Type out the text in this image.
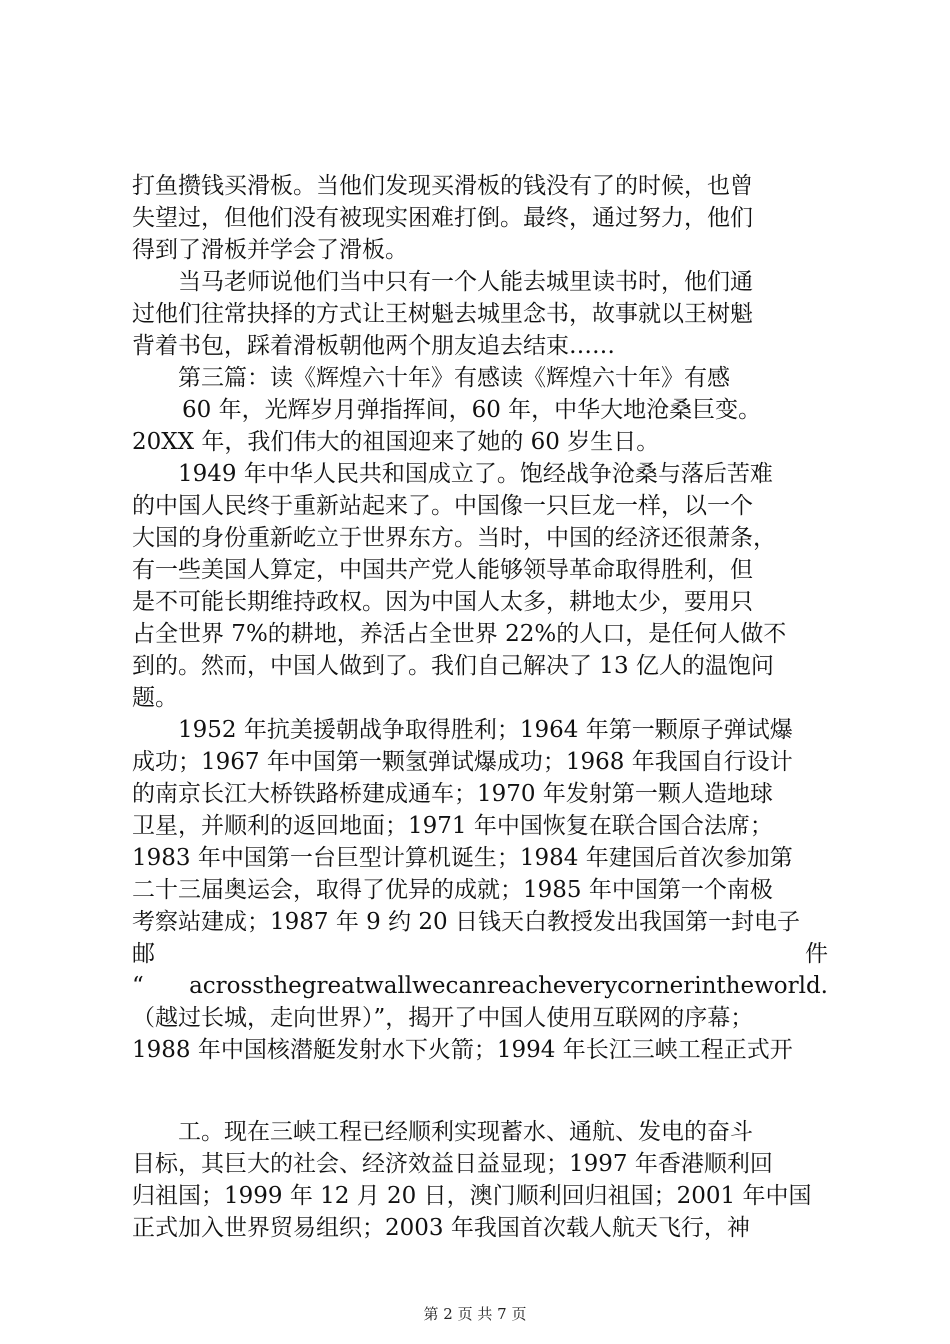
打鱼攒钱买滑板。当他们发现买滑板的钱没有了的时候，也曾
失望过，但他们没有被现实困难打倒。最终，通过努力，他们
得到了滑板并学会了滑板。
当马老师说他们当中只有一个人能去城里读书时，他们通
过他们往常抉择的方式让王树魁去城里念书，故事就以王树魁
背着书包，踩着滑板朝他两个朋友追去结束……
第三篇：读《辉煌六十年》有感读《辉煌六十年》有感
60 年，光辉岁月弹指挥间，60 年，中华大地沧桑巨变。
20XX 年，我们伟大的祖国迎来了她的 60 岁生日。
1949 年中华人民共和国成立了。饱经战争沧桑与落后苦难
的中国人民终于重新站起来了。中国像一只巨龙一样，以一个
大国的身份重新屹立于世界东方。当时，中国的经济还很萧条，
有一些美国人算定，中国共产党人能够领导革命取得胜利，但
是不可能长期维持政权。因为中国人太多，耕地太少，要用只
占全世界 7%的耕地，养活占全世界 22%的人口，是任何人做不
到的。然而，中国人做到了。我们自己解决了 13 亿人的温饱问
题。
1952 年抗美援朝战争取得胜利；1964 年第一颗原子弹试爆
成功；1967 年中国第一颗氢弹试爆成功；1968 年我国自行设计
的南京长江大桥铁路桥建成通车；1970 年发射第一颗人造地球
卫星，并顺利的返回地面；1971 年中国恢复在联合国合法席；
1983 年中国第一台巨型计算机诞生；1984 年建国后首次参加第
二十三届奥运会，取得了优异的成就；1985 年中国第一个南极
考察站建成；1987 年 9 约 20 日钱天白教授发出我国第一封电子
邮	件
“ acrossthegreatwallwecanreacheverycornerintheworld.
（越过长城，走向世界）”，揭开了中国人使用互联网的序幕；
1988 年中国核潜艇发射水下火箭；1994 年长江三峡工程正式开
工。现在三峡工程已经顺利实现蓄水、通航、发电的奋斗
目标，其巨大的社会、经济效益日益显现；1997 年香港顺利回
归祖国；1999 年 12 月 20 日，澳门顺利回归祖国；2001 年中国
正式加入世界贸易组织；2003 年我国首次载人航天飞行，神
第 2 页 共 7 页
